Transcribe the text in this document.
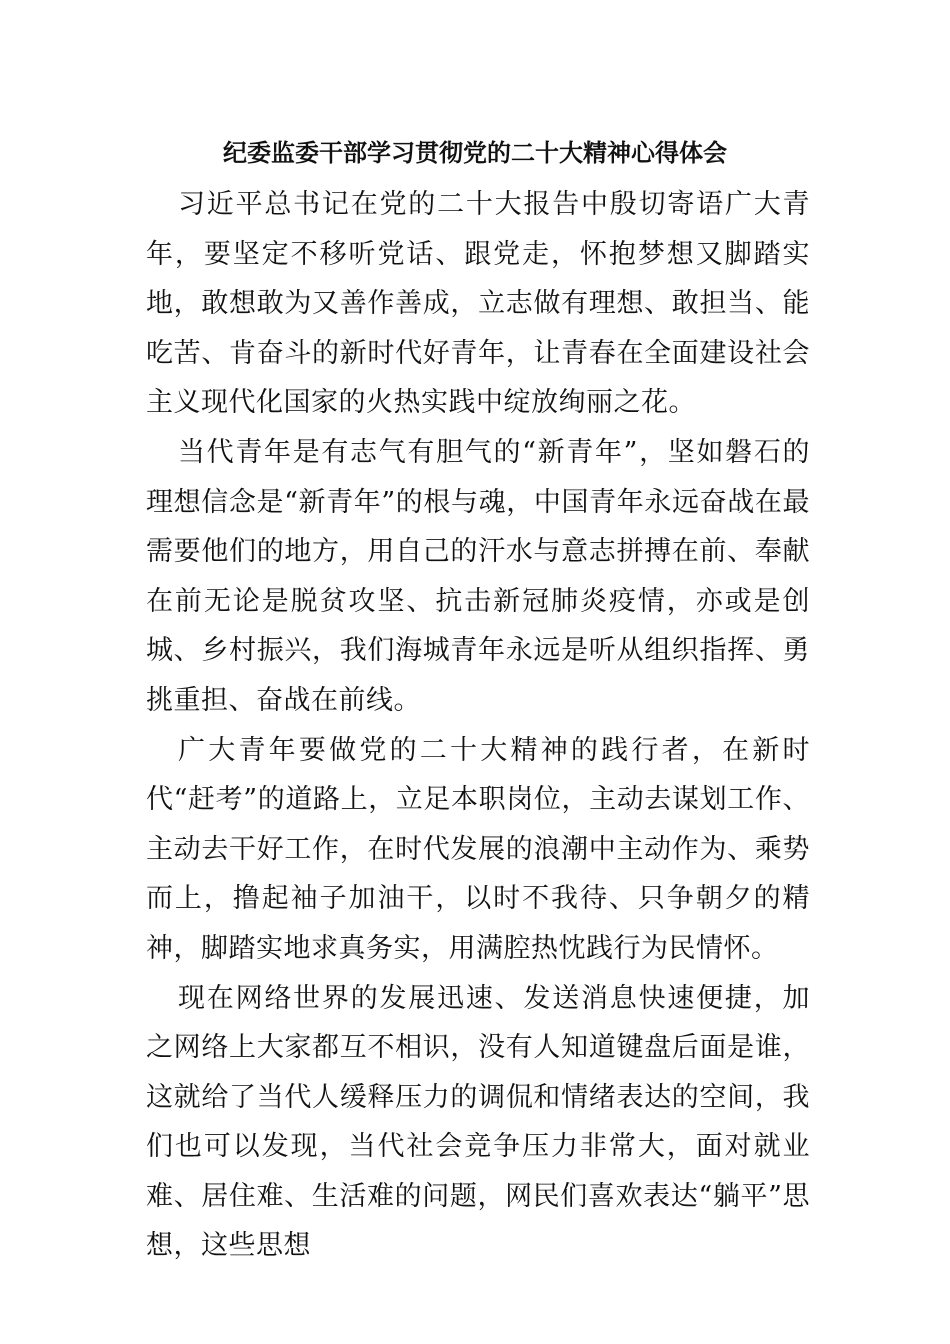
纪委监委干部学习贯彻党的二十大精神心得体会

习近平总书记在党的二十大报告中殷切寄语广大青年，要坚定不移听党话、跟党走，怀抱梦想又脚踏实地，敢想敢为又善作善成，立志做有理想、敢担当、能吃苦、肯奋斗的新时代好青年，让青春在全面建设社会主义现代化国家的火热实践中绽放绚丽之花。

当代青年是有志气有胆气的“新青年”，坚如磐石的理想信念是“新青年”的根与魂，中国青年永远奋战在最需要他们的地方，用自己的汗水与意志拼搏在前、奉献在前无论是脱贫攻坚、抗击新冠肺炎疫情，亦或是创城、乡村振兴，我们海城青年永远是听从组织指挥、勇挑重担、奋战在前线。

广大青年要做党的二十大精神的践行者，在新时代“赶考”的道路上，立足本职岗位，主动去谋划工作、主动去干好工作，在时代发展的浪潮中主动作为、乘势而上，撸起袖子加油干，以时不我待、只争朝夕的精神，脚踏实地求真务实，用满腔热忱践行为民情怀。

现在网络世界的发展迅速、发送消息快速便捷，加之网络上大家都互不相识，没有人知道键盘后面是谁，这就给了当代人缓释压力的调侃和情绪表达的空间，我们也可以发现，当代社会竞争压力非常大，面对就业难、居住难、生活难的问题，网民们喜欢表达“躺平”思想，这些思想
